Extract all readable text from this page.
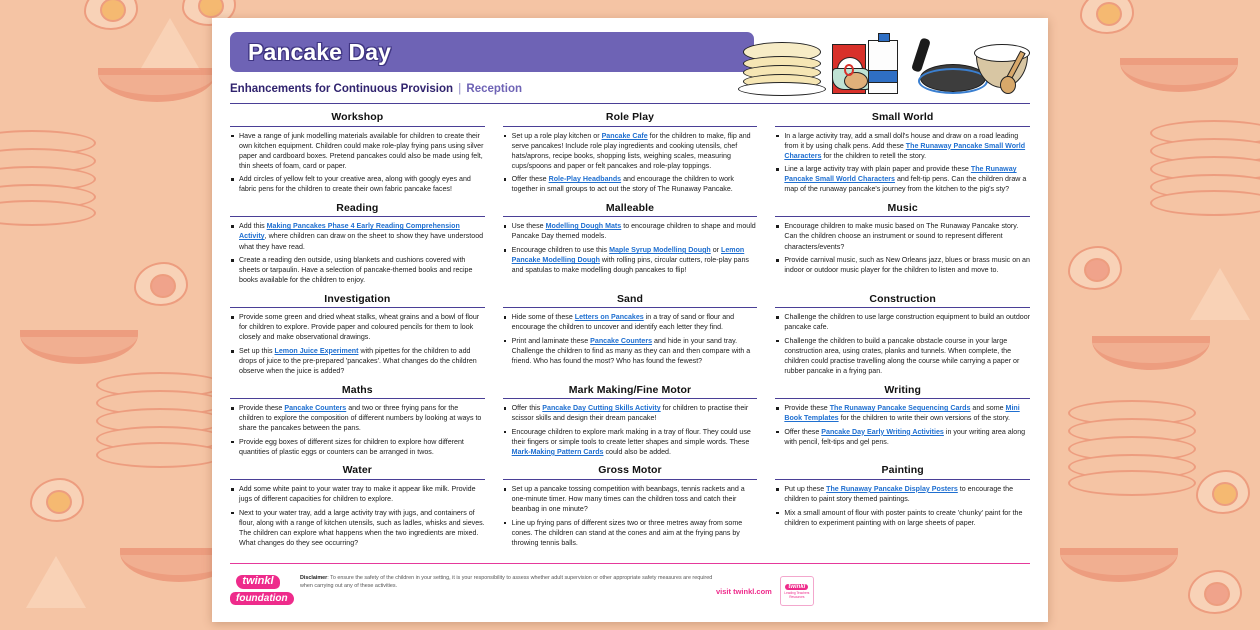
Pancake Day
Enhancements for Continuous Provision | Reception
Workshop
Have a range of junk modelling materials available for children to create their own kitchen equipment. Children could make role-play frying pans using silver paper and cardboard boxes. Pretend pancakes could also be made using felt, thin sheets of foam, card or paper.
Add circles of yellow felt to your creative area, along with googly eyes and fabric pens for the children to create their own fabric pancake faces!
Role Play
Set up a role play kitchen or Pancake Cafe for the children to make, flip and serve pancakes! Include role play ingredients and cooking utensils, chef hats/aprons, recipe books, shopping lists, weighing scales, measuring cups/spoons and paper or felt pancakes and role-play toppings.
Offer these Role-Play Headbands and encourage the children to work together in small groups to act out the story of The Runaway Pancake.
Small World
In a large activity tray, add a small doll's house and draw on a road leading from it by using chalk pens. Add these The Runaway Pancake Small World Characters for the children to retell the story.
Line a large activity tray with plain paper and provide these The Runaway Pancake Small World Characters and felt-tip pens. Can the children draw a map of the runaway pancake's journey from the kitchen to the pig's sty?
Reading
Add this Making Pancakes Phase 4 Early Reading Comprehension Activity, where children can draw on the sheet to show they have understood what they have read.
Create a reading den outside, using blankets and cushions covered with sheets or tarpaulin. Have a selection of pancake-themed books and recipe books available for the children to enjoy.
Malleable
Use these Modelling Dough Mats to encourage children to shape and mould Pancake Day themed models.
Encourage children to use this Maple Syrup Modelling Dough or Lemon Pancake Modelling Dough with rolling pins, circular cutters, role-play pans and spatulas to make modelling dough pancakes to flip!
Music
Encourage children to make music based on The Runaway Pancake story. Can the children choose an instrument or sound to represent different characters/events?
Provide carnival music, such as New Orleans jazz, blues or brass music on an indoor or outdoor music player for the children to listen and move to.
Investigation
Provide some green and dried wheat stalks, wheat grains and a bowl of flour for children to explore. Provide paper and coloured pencils for them to look closely and make observational drawings.
Set up this Lemon Juice Experiment with pipettes for the children to add drops of juice to the pre-prepared 'pancakes'. What changes do the children observe when the juice is added?
Sand
Hide some of these Letters on Pancakes in a tray of sand or flour and encourage the children to uncover and identify each letter they find.
Print and laminate these Pancake Counters and hide in your sand tray. Challenge the children to find as many as they can and then compare with a friend. Who has found the most? Who has found the fewest?
Construction
Challenge the children to use large construction equipment to build an outdoor pancake cafe.
Challenge the children to build a pancake obstacle course in your large construction area, using crates, planks and tunnels. When complete, the children could practise travelling along the course while carrying a paper or rubber pancake in a frying pan.
Maths
Provide these Pancake Counters and two or three frying pans for the children to explore the composition of different numbers by looking at ways to share the pancakes between the pans.
Provide egg boxes of different sizes for children to explore how different quantities of plastic eggs or counters can be arranged in twos.
Mark Making/Fine Motor
Offer this Pancake Day Cutting Skills Activity for children to practise their scissor skills and design their dream pancake!
Encourage children to explore mark making in a tray of flour. They could use their fingers or simple tools to create letter shapes and simple words. These Mark-Making Pattern Cards could also be added.
Writing
Provide these The Runaway Pancake Sequencing Cards and some Mini Book Templates for the children to write their own versions of the story.
Offer these Pancake Day Early Writing Activities in your writing area along with pencil, felt-tips and gel pens.
Water
Add some white paint to your water tray to make it appear like milk. Provide jugs of different capacities for children to explore.
Next to your water tray, add a large activity tray with jugs, and containers of flour, along with a range of kitchen utensils, such as ladles, whisks and sieves. The children can explore what happens when the two ingredients are mixed. What changes do they see occurring?
Gross Motor
Set up a pancake tossing competition with beanbags, tennis rackets and a one-minute timer. How many times can the children toss and catch their beanbag in one minute?
Line up frying pans of different sizes two or three metres away from some cones. The children can stand at the cones and aim at the frying pans by throwing tennis balls.
Painting
Put up these The Runaway Pancake Display Posters to encourage the children to paint story themed paintings.
Mix a small amount of flour with poster paints to create 'chunky' paint for the children to experiment painting with on large sheets of paper.
twinkl foundation
Disclaimer: To ensure the safety of the children in your setting, it is your responsibility to assess whether adult supervision or other appropriate safety measures are required when carrying out any of these activities.
visit twinkl.com	twinkl
Leading Teachers Resources
